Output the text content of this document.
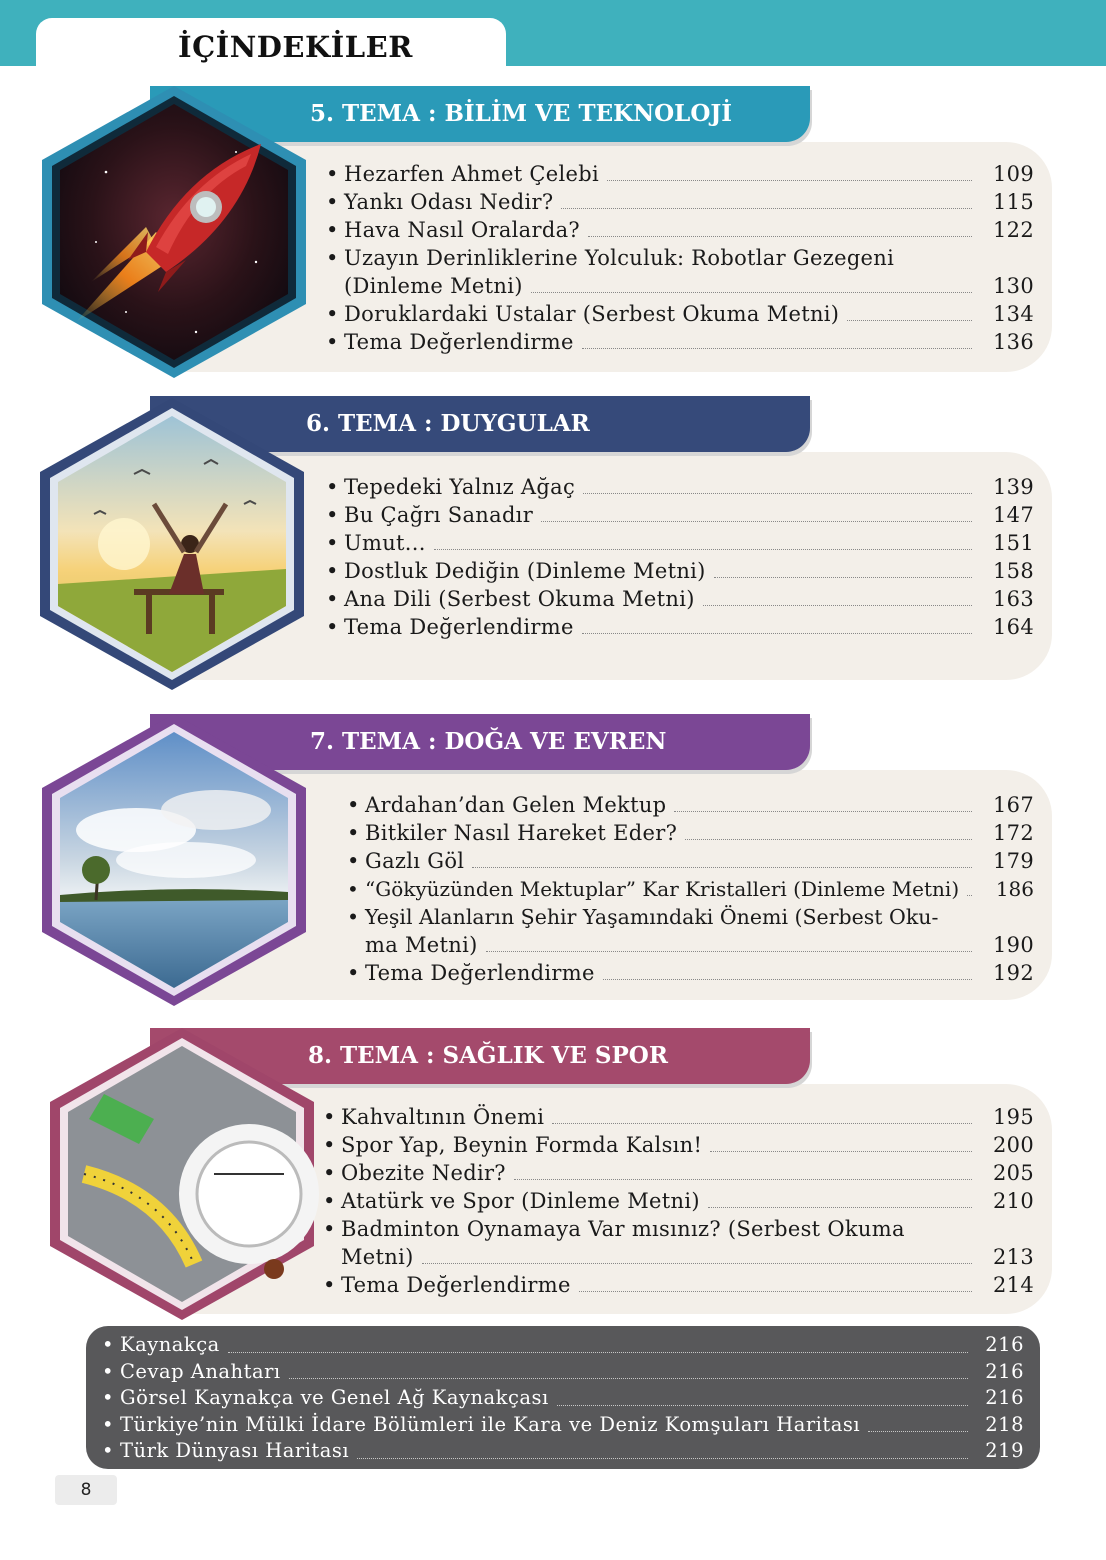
İÇİNDEKİLER
5. TEMA : BİLİM VE TEKNOLOJİ
• Hezarfen Ahmet Çelebi	109
• Yankı Odası Nedir?	115
• Hava Nasıl Oralarda?	122
• Uzayın Derinliklerine Yolculuk: Robotlar Gezegeni
(Dinleme Metni)	130
• Doruklardaki Ustalar (Serbest Okuma Metni)	134
• Tema Değerlendirme	136
6. TEMA : DUYGULAR
• Tepedeki Yalnız Ağaç	139
• Bu Çağrı Sanadır	147
• Umut...	151
• Dostluk Dediğin (Dinleme Metni)	158
• Ana Dili (Serbest Okuma Metni)	163
• Tema Değerlendirme	164
7. TEMA : DOĞA VE EVREN
• Ardahan’dan Gelen Mektup	167
• Bitkiler Nasıl Hareket Eder?	172
• Gazlı Göl	179
• “Gökyüzünden Mektuplar” Kar Kristalleri (Dinleme Metni)	186
• Yeşil Alanların Şehir Yaşamındaki Önemi (Serbest Oku-
ma Metni)	190
• Tema Değerlendirme	192
8. TEMA : SAĞLIK VE SPOR
• Kahvaltının Önemi	195
• Spor Yap, Beynin Formda Kalsın!	200
• Obezite Nedir?	205
• Atatürk ve Spor (Dinleme Metni)	210
• Badminton Oynamaya Var mısınız? (Serbest Okuma
Metni)	213
• Tema Değerlendirme	214
• Kaynakça	216
• Cevap Anahtarı	216
• Görsel Kaynakça ve Genel Ağ Kaynakçası	216
• Türkiye’nin Mülki İdare Bölümleri ile Kara ve Deniz Komşuları Haritası	218
• Türk Dünyası Haritası	219
8
